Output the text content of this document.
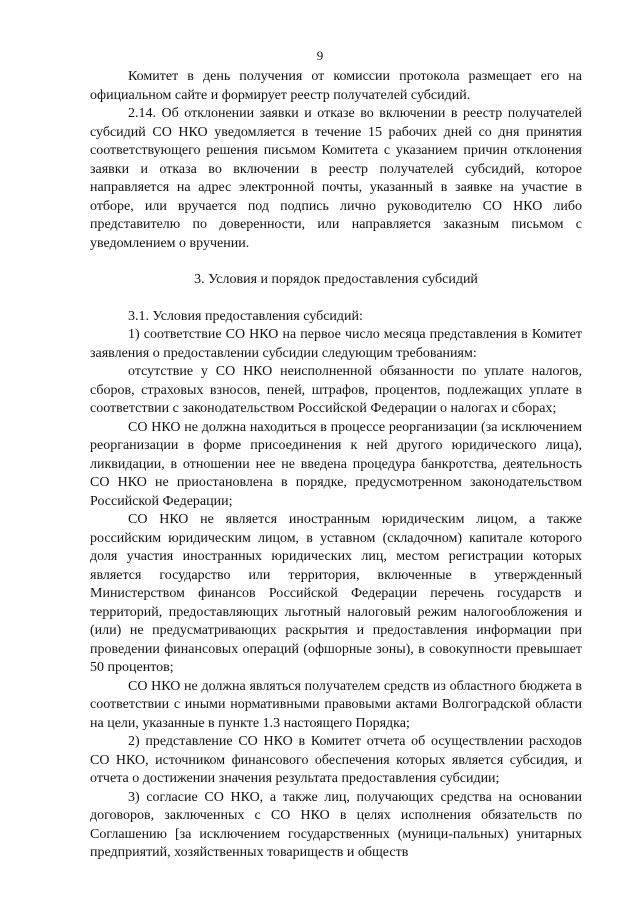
9

Комитет в день получения от комиссии протокола размещает его на официальном сайте и формирует реестр получателей субсидий.

2.14. Об отклонении заявки и отказе во включении в реестр получателей субсидий СО НКО уведомляется в течение 15 рабочих дней со дня принятия соответствующего решения письмом Комитета с указанием причин отклонения заявки и отказа во включении в реестр получателей субсидий, которое направляется на адрес электронной почты, указанный в заявке на участие в отборе, или вручается под подпись лично руководителю СО НКО либо представителю по доверенности, или направляется заказным письмом с уведомлением о вручении.

3. Условия и порядок предоставления субсидий

3.1. Условия предоставления субсидий:

1) соответствие СО НКО на первое число месяца представления в Комитет заявления о предоставлении субсидии следующим требованиям:

отсутствие у СО НКО неисполненной обязанности по уплате налогов, сборов, страховых взносов, пеней, штрафов, процентов, подлежащих уплате в соответствии с законодательством Российской Федерации о налогах и сборах;

СО НКО не должна находиться в процессе реорганизации (за исключением реорганизации в форме присоединения к ней другого юридического лица), ликвидации, в отношении нее не введена процедура банкротства, деятельность СО НКО не приостановлена в порядке, предусмотренном законодательством Российской Федерации;

СО НКО не является иностранным юридическим лицом, а также российским юридическим лицом, в уставном (складочном) капитале которого доля участия иностранных юридических лиц, местом регистрации которых является государство или территория, включенные в утвержденный Министерством финансов Российской Федерации перечень государств и территорий, предоставляющих льготный налоговый режим налогообложения и (или) не предусматривающих раскрытия и предоставления информации при проведении финансовых операций (офшорные зоны), в совокупности превышает 50 процентов;

СО НКО не должна являться получателем средств из областного бюджета в соответствии с иными нормативными правовыми актами Волгоградской области на цели, указанные в пункте 1.3 настоящего Порядка;

2) представление СО НКО в Комитет отчета об осуществлении расходов СО НКО, источником финансового обеспечения которых является субсидия, и отчета о достижении значения результата предоставления субсидии;

3) согласие СО НКО, а также лиц, получающих средства на основании договоров, заключенных с СО НКО в целях исполнения обязательств по Соглашению [за исключением государственных (муници-пальных) унитарных предприятий, хозяйственных товариществ и обществ
